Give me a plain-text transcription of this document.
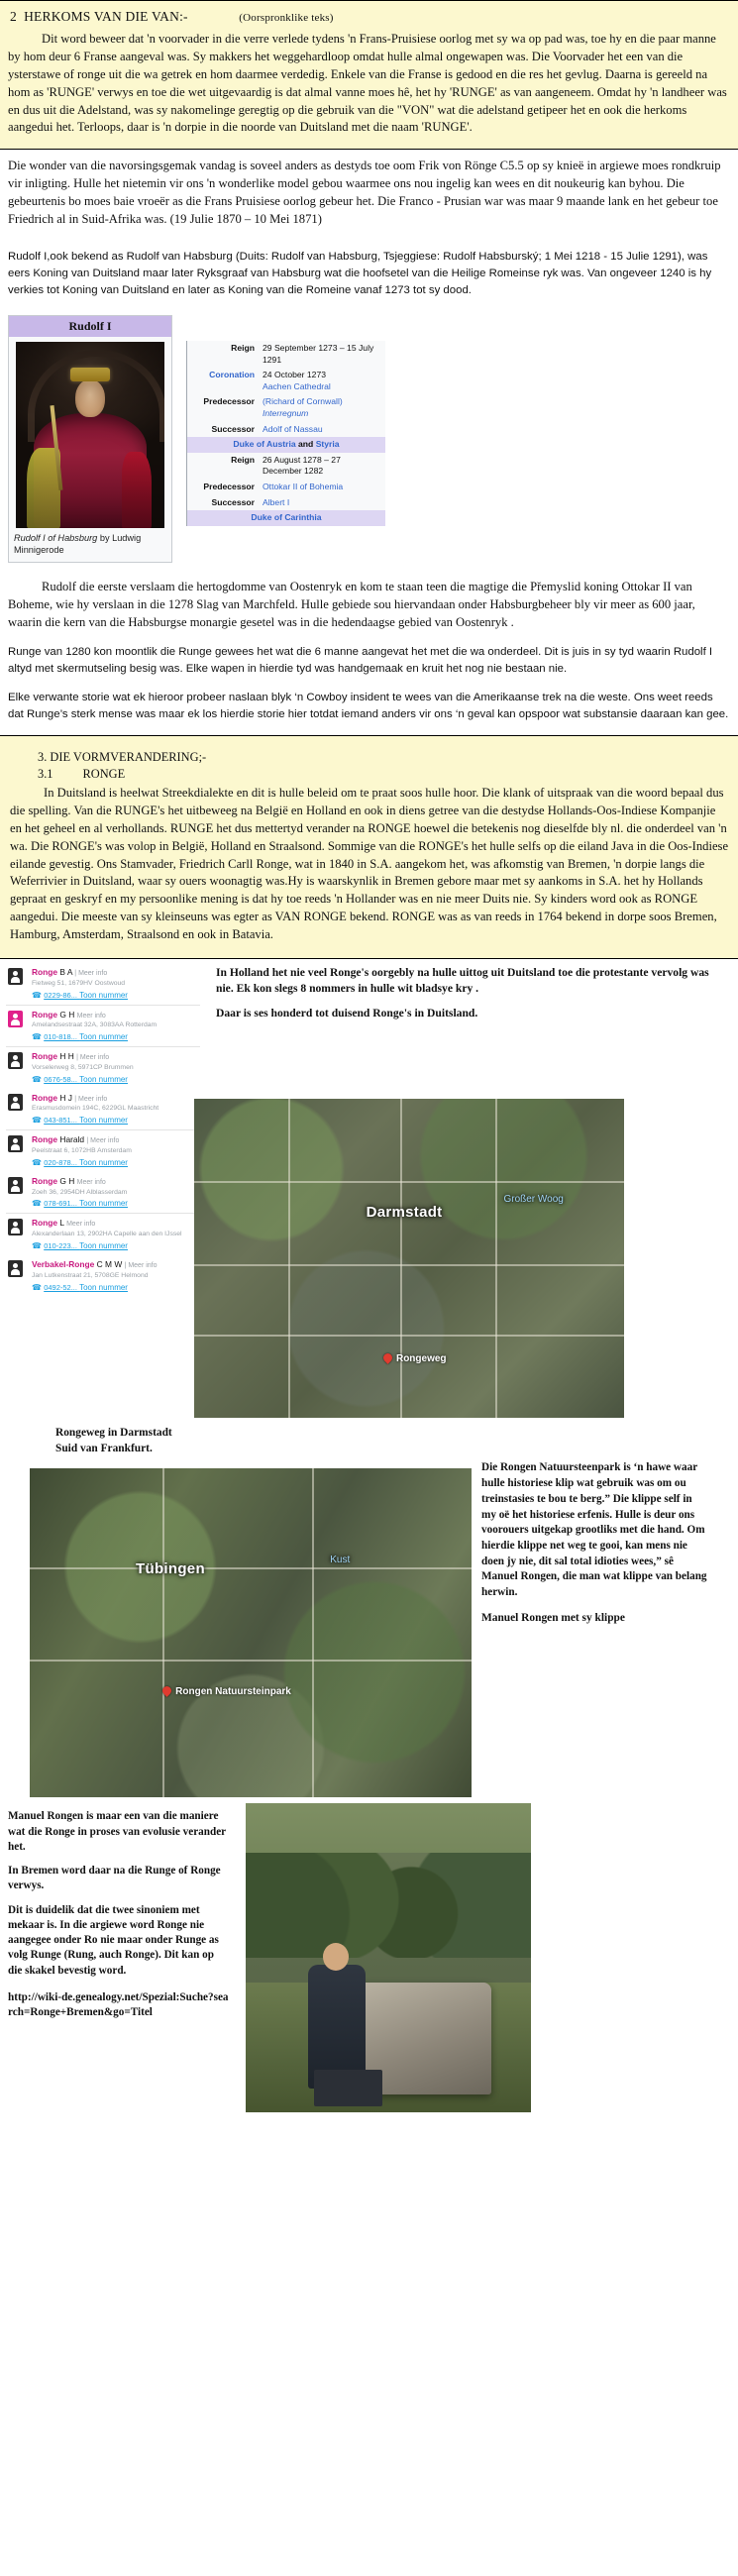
2 HERKOMS VAN DIE VAN:-	(Oorspronklike teks)

Dit word beweer dat 'n voorvader in die verre verlede tydens 'n Frans-Pruisiese oorlog met sy wa op pad was, toe hy en die paar manne by hom deur 6 Franse aangeval was. Sy makkers het weggehardloop omdat hulle almal ongewapen was. Die Voorvader het een van die ysterstawe of ronge uit die wa getrek en hom daarmee verdedig. Enkele van die Franse is gedood en die res het gevlug. Daarna is gereeld na hom as 'RUNGE' verwys en toe die wet uitgevaardig is dat almal vanne moes hê, het hy 'RUNGE' as van aangeneem. Omdat hy 'n landheer was en dus uit die Adelstand, was sy nakomelinge geregtig op die gebruik van die "VON" wat die adelstand getipeer het en ook die herkoms aangedui het. Terloops, daar is 'n dorpie in die noorde van Duitsland met die naam 'RUNGE'.

Die wonder van die navorsingsgemak vandag is soveel anders as destyds toe oom Frik von Rönge C5.5 op sy knieë in argiewe moes rondkruip vir inligting. Hulle het nietemin vir ons 'n wonderlike model gebou waarmee ons nou ingelig kan wees en dit noukeurig kan byhou. Die gebeurtenis bo moes baie vroeër as die Frans Pruisiese oorlog gebeur het. Die Franco - Prusian war was maar 9 maande lank en het gebeur toe Friedrich al in Suid-Afrika was. (19 Julie 1870 – 10 Mei 1871)

Rudolf I,ook bekend as Rudolf van Habsburg (Duits: Rudolf van Habsburg, Tsjeggiese: Rudolf Habsburský; 1 Mei 1218 - 15 Julie 1291), was eers Koning van Duitsland maar later Ryksgraaf van Habsburg wat die hoofsetel van die Heilige Romeinse ryk was. Van ongeveer 1240 is hy verkies tot Koning van Duitsland en later as Koning van die Romeine vanaf 1273 tot sy dood.

Rudolf I
Rudolf I of Habsburg by Ludwig Minnigerode
Reign	29 September 1273 – 15 July 1291
Coronation	24 October 1273
Aachen Cathedral
Predecessor	(Richard of Cornwall)
Interregnum
Successor	Adolf of Nassau
Duke of Austria and Styria	
Reign	26 August 1278 – 27 December 1282
Predecessor	Ottokar II of Bohemia
Successor	Albert I
Duke of Carinthia	

Rudolf die eerste verslaam die hertogdomme van Oostenryk en kom te staan teen die magtige die Přemyslid koning Ottokar II van Boheme, wie hy verslaan in die 1278 Slag van Marchfeld. Hulle gebiede sou hiervandaan onder Habsburgbeheer bly vir meer as 600 jaar, waarin die kern van die Habsburgse monargie gesetel was in die hedendaagse gebied van Oostenryk .

Runge van 1280 kon moontlik die Runge gewees het wat die 6 manne aangevat het met die wa onderdeel. Dit is juis in sy tyd waarin Rudolf I altyd met skermutseling besig was. Elke wapen in hierdie tyd was handgemaak en kruit het nog nie bestaan nie.

Elke verwante storie wat ek hieroor probeer naslaan blyk ‘n Cowboy insident te wees van die Amerikaanse trek na die weste. Ons weet reeds dat Runge’s sterk mense was maar ek los hierdie storie hier totdat iemand anders vir ons ‘n geval kan opspoor wat substansie daaraan kan gee.

3. DIE VORMVERANDERING;-
3.1 RONGE

In Duitsland is heelwat Streekdialekte en dit is hulle beleid om te praat soos hulle hoor. Die klank of uitspraak van die woord bepaal dus die spelling. Van die RUNGE's het uitbeweeg na België en Holland en ook in diens getree van die destydse Hollands-Oos-Indiese Kompanjie en het geheel en al verhollands. RUNGE het dus mettertyd verander na RONGE hoewel die betekenis nog dieselfde bly nl. die onderdeel van 'n wa. Die RONGE's was volop in België, Holland en Straalsond. Sommige van die RONGE's het hulle selfs op die eiland Java in die Oos-Indiese eilande gevestig. Ons Stamvader, Friedrich Carll Ronge, wat in 1840 in S.A. aangekom het, was afkomstig van Bremen, 'n dorpie langs die Weferrivier in Duitsland, waar sy ouers woonagtig was.Hy is waarskynlik in Bremen gebore maar met sy aankoms in S.A. het hy Hollands gepraat en geskryf en my persoonlike mening is dat hy toe reeds 'n Hollander was en nie meer Duits nie. Sy kinders word ook as RONGE aangedui. Die meeste van sy kleinseuns was egter as VAN RONGE bekend. RONGE was as van reeds in 1764 bekend in dorpe soos Bremen, Hamburg, Amsterdam, Straalsond en ook in Batavia.

Ronge B A | Meer info
Fietweg 51, 1679HV Oostwoud
☎ 0229-86... Toon nummer
Ronge G H Meer info
Amelandsestraat 32A, 3083AA Rotterdam
☎ 010-818... Toon nummer
Ronge H H | Meer info
Vorselerweg 8, 5971CP Brummen
☎ 0676-58... Toon nummer
Ronge H J | Meer info
Erasmusdomein 194C, 6229GL Maastricht
☎ 043-851... Toon nummer
Ronge Harald | Meer info
Peelstraat 6, 1072HB Amsterdam
☎ 020-878... Toon nummer
Ronge G H Meer info
Zoeh 36, 2954DH Alblasserdam
☎ 078-691... Toon nummer
Ronge L Meer info
Alexanderlaan 13, 2902HA Capelle aan den IJssel
☎ 010-223... Toon nummer
Verbakel-Ronge C M W | Meer info
Jan Lutkenstraat 21, 5708GE Helmond
☎ 0492-52... Toon nummer

In Holland het nie veel Ronge's oorgebly na hulle uittog uit Duitsland toe die protestante vervolg was nie. Ek kon slegs 8 nommers in hulle wit bladsye kry .

Daar is ses honderd tot duisend Ronge's in Duitsland.

Darmstadt
Großer Woog
Rongeweg
Rongeweg in Darmstadt
Suid van Frankfurt.
Tübingen
Kust
Rongen Natuursteinpark
Die Rongen Natuursteenpark is ‘n hawe waar hulle historiese klip wat gebruik was om ou treinstasies te bou te berg.” Die klippe self in my oë het historiese erfenis. Hulle is deur ons voorouers uitgekap grootliks met die hand. Om hierdie klippe net weg te gooi, kan mens nie doen jy nie, dit sal total idioties wees,” sê Manuel Rongen, die man wat klippe van belang herwin.
Manuel Rongen met sy klippe

Manuel Rongen is maar een van die maniere wat die Ronge in proses van evolusie verander het.

In Bremen word daar na die Runge of Ronge verwys.

Dit is duidelik dat die twee sinoniem met mekaar is. In die argiewe word Ronge nie aangegee onder Ro nie maar onder Runge as volg Runge (Rung, auch Ronge). Dit kan op die skakel bevestig word.

http://wiki-de.genealogy.net/Spezial:Suche?search=Ronge+Bremen&go=Titel
